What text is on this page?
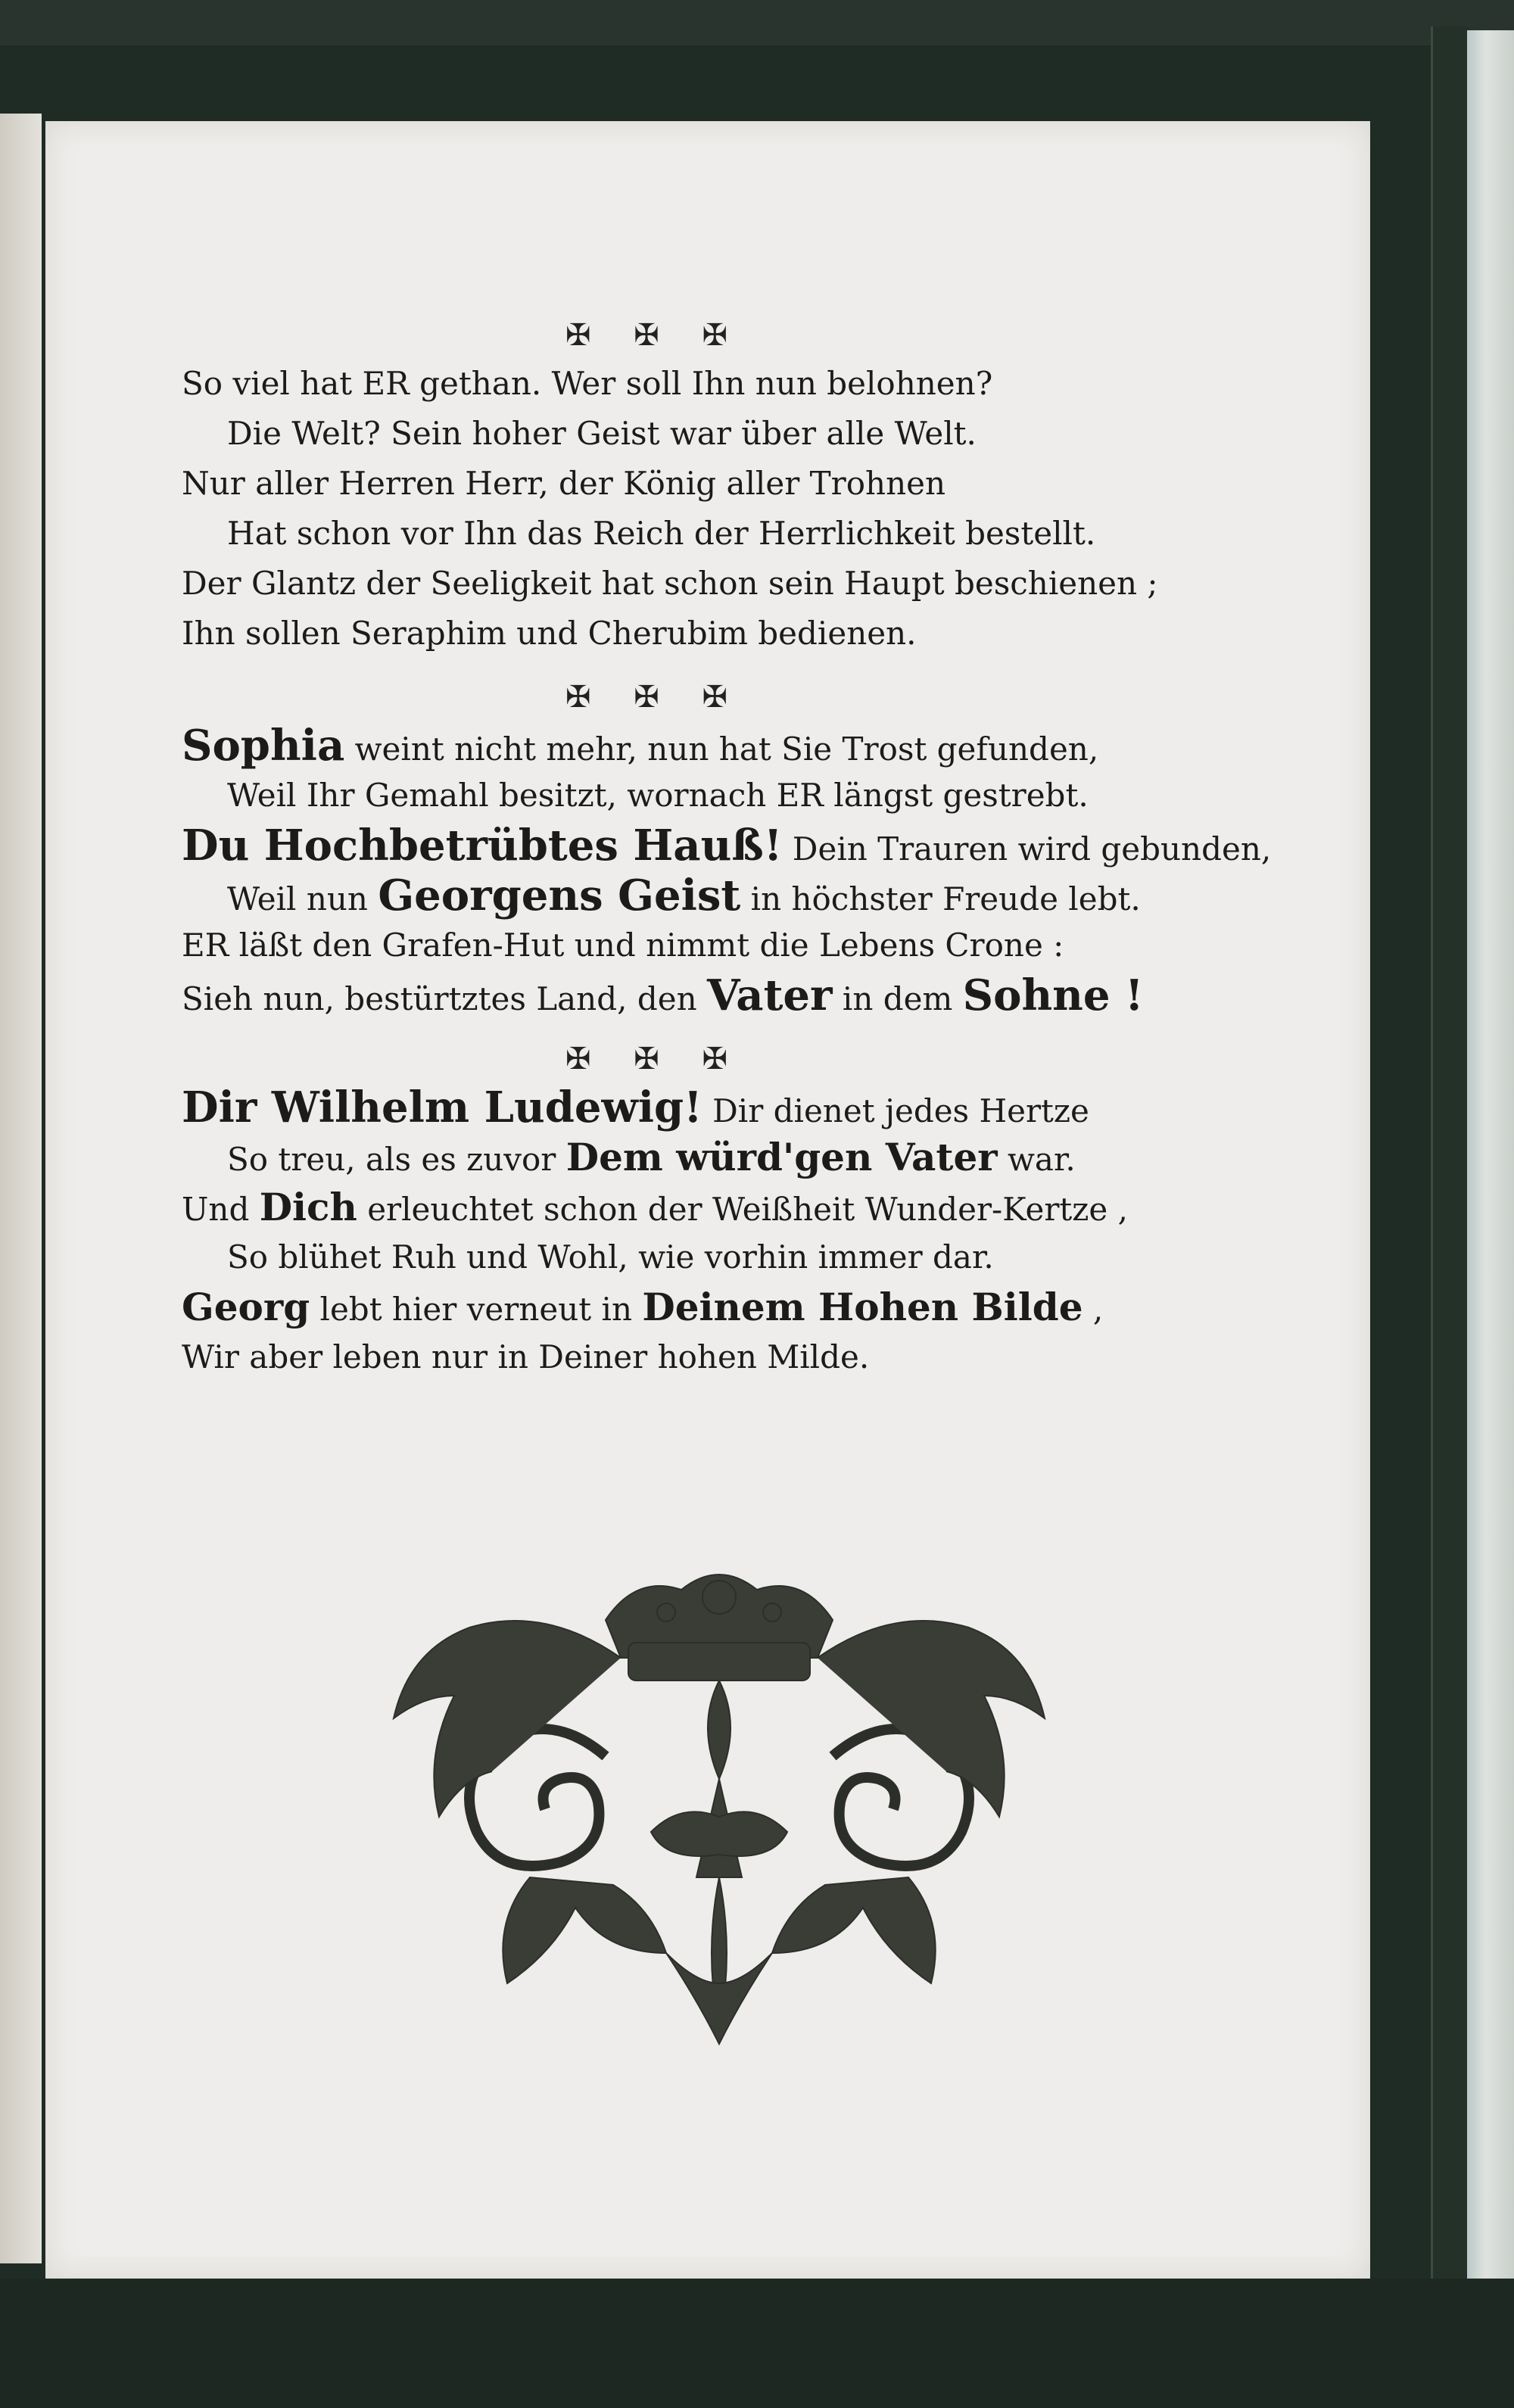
✠ ✠ ✠
So viel hat ER gethan. Wer soll Ihn nun belohnen?
Die Welt? Sein hoher Geist war über alle Welt.
Nur aller Herren Herr, der König aller Trohnen
Hat schon vor Ihn das Reich der Herrlichkeit bestellt.
Der Glantz der Seeligkeit hat schon sein Haupt beschienen ;
Ihn sollen Seraphim und Cherubim bedienen.
✠ ✠ ✠
Sophia weint nicht mehr, nun hat Sie Trost gefunden,
Weil Ihr Gemahl besitzt, wornach ER längst gestrebt.
Du Hochbetrübtes Hauß! Dein Trauren wird gebunden,
Weil nun Georgens Geist in höchster Freude lebt.
ER läßt den Grafen-Hut und nimmt die Lebens Crone :
Sieh nun, bestürtztes Land, den Vater in dem Sohne !
✠ ✠ ✠
Dir Wilhelm Ludewig! Dir dienet jedes Hertze
So treu, als es zuvor Dem würd'gen Vater war.
Und Dich erleuchtet schon der Weißheit Wunder-Kertze ,
So blühet Ruh und Wohl, wie vorhin immer dar.
Georg lebt hier verneut in Deinem Hohen Bilde ,
Wir aber leben nur in Deiner hohen Milde.
